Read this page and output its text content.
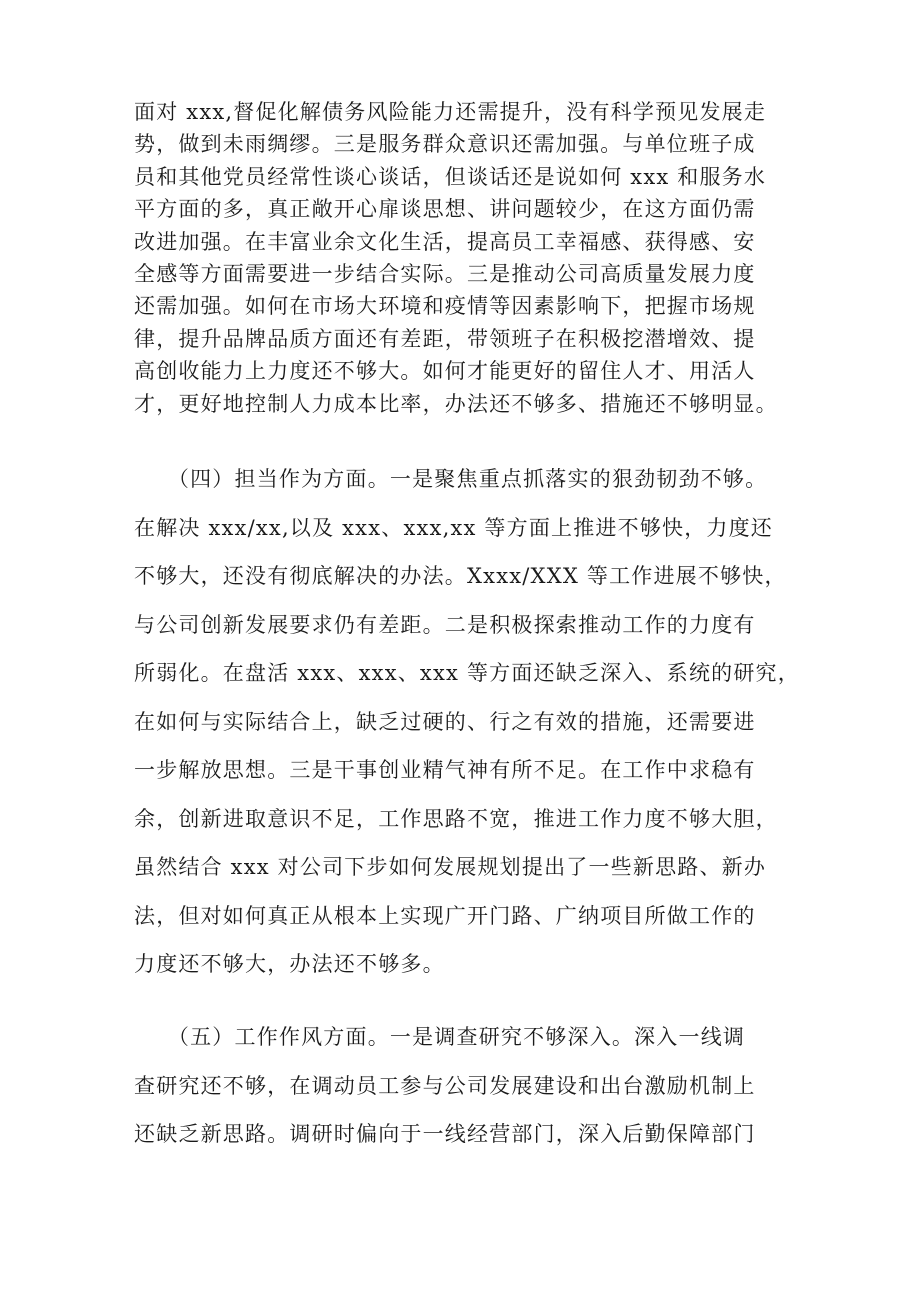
面对 xxx,督促化解债务风险能力还需提升，没有科学预见发展走
势，做到未雨绸缪。三是服务群众意识还需加强。与单位班子成
员和其他党员经常性谈心谈话，但谈话还是说如何 xxx 和服务水
平方面的多，真正敞开心扉谈思想、讲问题较少，在这方面仍需
改进加强。在丰富业余文化生活，提高员工幸福感、获得感、安
全感等方面需要进一步结合实际。三是推动公司高质量发展力度
还需加强。如何在市场大环境和疫情等因素影响下，把握市场规
律，提升品牌品质方面还有差距，带领班子在积极挖潜增效、提
高创收能力上力度还不够大。如何才能更好的留住人才、用活人
才，更好地控制人力成本比率，办法还不够多、措施还不够明显。
　　（四）担当作为方面。一是聚焦重点抓落实的狠劲韧劲不够。
在解决 xxx/xx,以及 xxx、xxx,xx 等方面上推进不够快，力度还
不够大，还没有彻底解决的办法。Xxxx/XXX 等工作进展不够快，
与公司创新发展要求仍有差距。二是积极探索推动工作的力度有
所弱化。在盘活 xxx、xxx、xxx 等方面还缺乏深入、系统的研究，
在如何与实际结合上，缺乏过硬的、行之有效的措施，还需要进
一步解放思想。三是干事创业精气神有所不足。在工作中求稳有
余，创新进取意识不足，工作思路不宽，推进工作力度不够大胆，
虽然结合 xxx 对公司下步如何发展规划提出了一些新思路、新办
法，但对如何真正从根本上实现广开门路、广纳项目所做工作的
力度还不够大，办法还不够多。
　　（五）工作作风方面。一是调查研究不够深入。深入一线调
查研究还不够，在调动员工参与公司发展建设和出台激励机制上
还缺乏新思路。调研时偏向于一线经营部门，深入后勤保障部门
